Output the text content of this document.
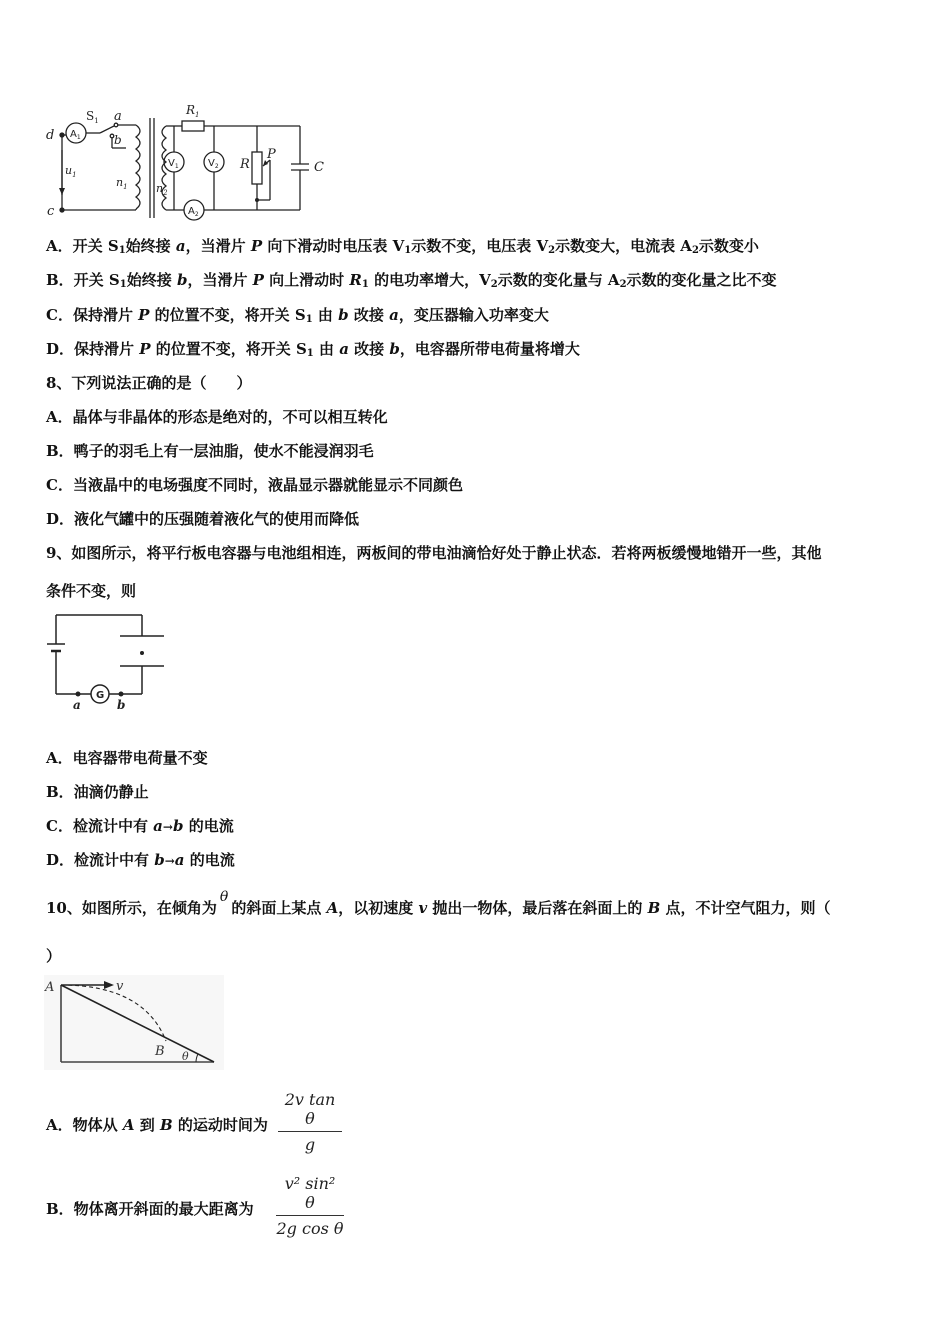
d
c
$u_1$
$S_1$ a
b
$n_1$	$n_2$
$R_1$
R
P
C
$A_1$
$V_1$	$V_2$
$A_2$
A．开关 $S_1$始终接 a，当滑片 P 向下滑动时电压表 $V_1$示数不变，电压表 $V_2$示数变大，电流表 $A_2$示数变小
B．开关 $S_1$始终接 b，当滑片 P 向上滑动时 $R_1$ 的电功率增大，$V_2$示数的变化量与 $A_2$示数的变化量之比不变
C．保持滑片 P 的位置不变，将开关 $S_1$ 由 b 改接 a，变压器输入功率变大
D．保持滑片 P 的位置不变，将开关 $S_1$ 由 a 改接 b，电容器所带电荷量将增大
8、下列说法正确的是（　　）
A．晶体与非晶体的形态是绝对的，不可以相互转化
B．鸭子的羽毛上有一层油脂，使水不能浸润羽毛
C．当液晶中的电场强度不同时，液晶显示器就能显示不同颜色
D．液化气罐中的压强随着液化气的使用而降低
9、如图所示，将平行板电容器与电池组相连，两板间的带电油滴恰好处于静止状态．若将两板缓慢地错开一些，其他
条件不变，则
G
a	b
A．电容器带电荷量不变
B．油滴仍静止
C．检流计中有 a→b 的电流
D．检流计中有 b→a 的电流
10、如图所示，在倾角为θ的斜面上某点 A，以初速度 v 抛出一物体，最后落在斜面上的 B 点，不计空气阻力，则（
）
A	v
B θ
A．物体从 A 到 B 的运动时间为 $\frac{\text{2v tan θ}}{g}$
B．物体离开斜面的最大距离为 $\frac{\text{v² sin² θ}}{\text{2g cos θ}}$
